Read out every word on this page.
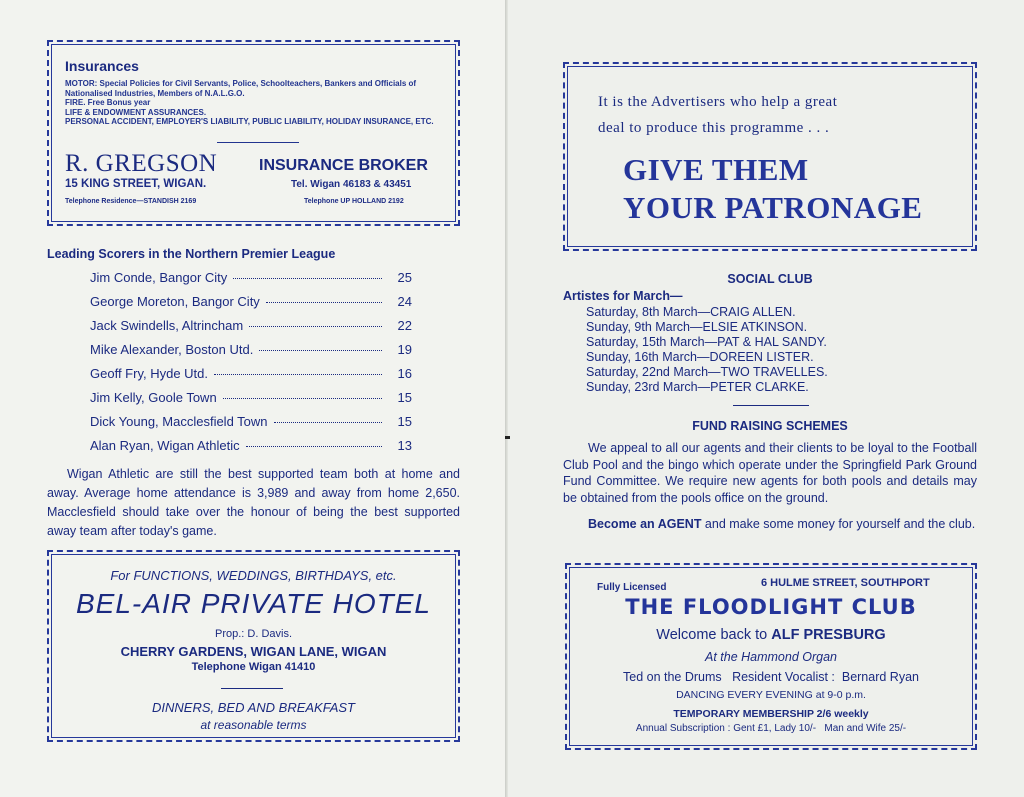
Insurances
MOTOR: Special Policies for Civil Servants, Police, Schoolteachers, Bankers and Officials of Nationalised Industries, Members of N.A.L.G.O.
FIRE. Free Bonus year
LIFE & ENDOWMENT ASSURANCES.
PERSONAL ACCIDENT, EMPLOYER'S LIABILITY, PUBLIC LIABILITY, HOLIDAY INSURANCE, ETC.
R. GREGSON	INSURANCE BROKER
15 KING STREET, WIGAN.	Tel. Wigan 46183 & 43451
Telephone Residence—STANDISH 2169	Telephone UP HOLLAND 2192
Leading Scorers in the Northern Premier League
Jim Conde, Bangor City	25
George Moreton, Bangor City	24
Jack Swindells, Altrincham	22
Mike Alexander, Boston Utd.	19
Geoff Fry, Hyde Utd.	16
Jim Kelly, Goole Town	15
Dick Young, Macclesfield Town	15
Alan Ryan, Wigan Athletic	13
Wigan Athletic are still the best supported team both at home and away. Average home attendance is 3,989 and away from home 2,650. Macclesfield should take over the honour of being the best supported away team after today's game.
For FUNCTIONS, WEDDINGS, BIRTHDAYS, etc.
BEL-AIR PRIVATE HOTEL
Prop.: D. Davis.
CHERRY GARDENS, WIGAN LANE, WIGAN
Telephone Wigan 41410
DINNERS, BED AND BREAKFAST
at reasonable terms
It is the Advertisers who help a great
deal to produce this programme . . .
GIVE THEM
YOUR PATRONAGE
SOCIAL CLUB
Artistes for March—
Saturday, 8th March—CRAIG ALLEN.
Sunday, 9th March—ELSIE ATKINSON.
Saturday, 15th March—PAT & HAL SANDY.
Sunday, 16th March—DOREEN LISTER.
Saturday, 22nd March—TWO TRAVELLES.
Sunday, 23rd March—PETER CLARKE.
FUND RAISING SCHEMES
We appeal to all our agents and their clients to be loyal to the Football Club Pool and the bingo which operate under the Springfield Park Ground Fund Committee. We require new agents for both pools and details may be obtained from the pools office on the ground.
Become an AGENT and make some money for yourself and the club.
Fully Licensed	6 HULME STREET, SOUTHPORT
THE FLOODLIGHT CLUB
Welcome back to ALF PRESBURG
At the Hammond Organ
Ted on the Drums   Resident Vocalist :  Bernard Ryan
DANCING EVERY EVENING at 9-0 p.m.
TEMPORARY MEMBERSHIP 2/6 weekly
Annual Subscription : Gent £1, Lady 10/-   Man and Wife 25/-
